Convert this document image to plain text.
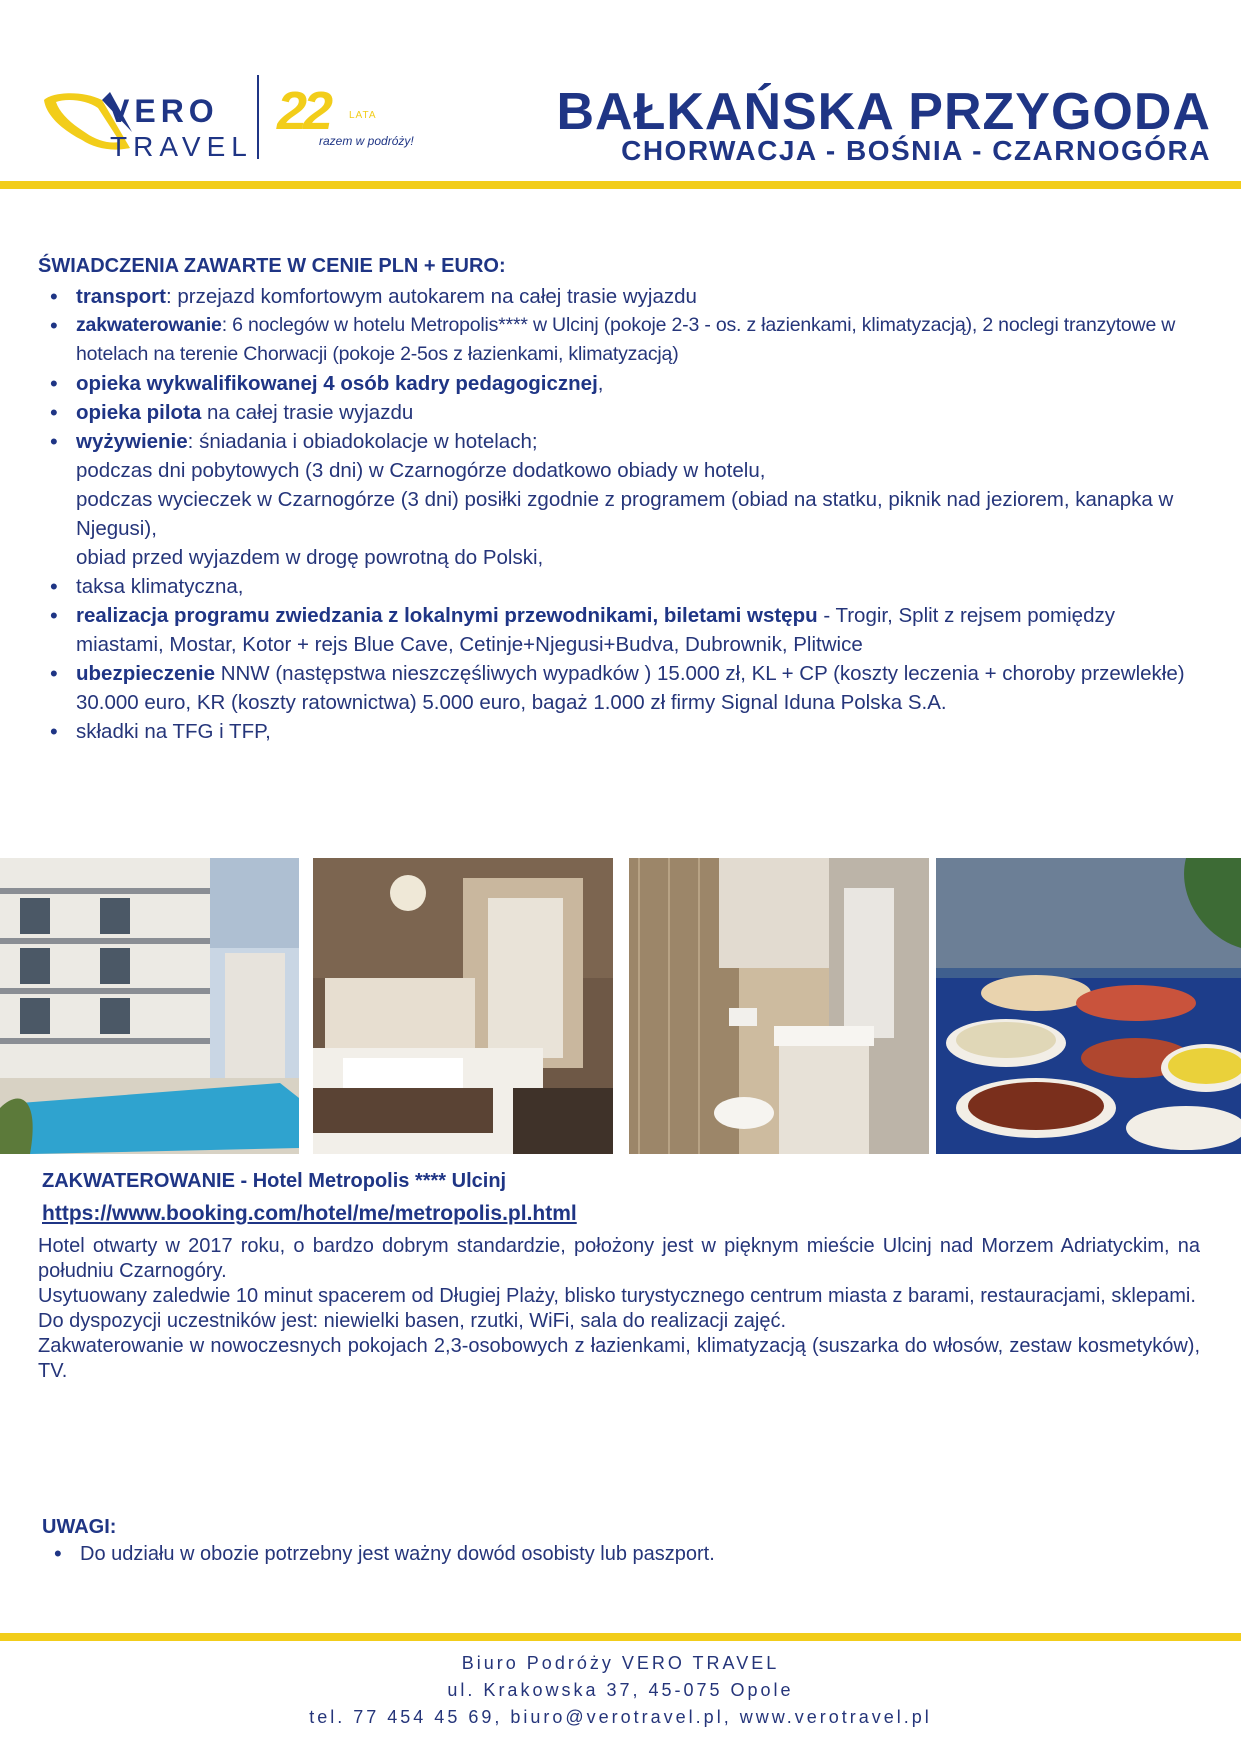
VERO
TRAVEL
22 LATA
razem w podróży!	BAŁKAŃSKA PRZYGODA
CHORWACJA - BOŚNIA - CZARNOGÓRA
ŚWIADCZENIA ZAWARTE W CENIE PLN + EURO:
• transport: przejazd komfortowym autokarem na całej trasie wyjazdu
• zakwaterowanie: 6 noclegów w hotelu Metropolis**** w Ulcinj (pokoje 2-3 - os. z łazienkami, klimatyzacją), 2 noclegi tranzytowe w hotelach na terenie Chorwacji (pokoje 2-5os z łazienkami, klimatyzacją)
• opieka wykwalifikowanej 4 osób kadry pedagogicznej,
• opieka pilota na całej trasie wyjazdu
• wyżywienie: śniadania i obiadokolacje w hotelach;
podczas dni pobytowych (3 dni) w Czarnogórze dodatkowo obiady w hotelu,
podczas wycieczek w Czarnogórze (3 dni) posiłki zgodnie z programem (obiad na statku, piknik nad jeziorem, kanapka w Njegusi),
obiad przed wyjazdem w drogę powrotną do Polski,
• taksa klimatyczna,
• realizacja programu zwiedzania z lokalnymi przewodnikami, biletami wstępu - Trogir, Split z rejsem pomiędzy miastami, Mostar, Kotor + rejs Blue Cave, Cetinje+Njegusi+Budva, Dubrownik, Plitwice
• ubezpieczenie NNW (następstwa nieszczęśliwych wypadków ) 15.000 zł, KL + CP (koszty leczenia + choroby przewlekłe) 30.000 euro, KR (koszty ratownictwa) 5.000 euro, bagaż 1.000 zł firmy Signal Iduna Polska S.A.
• składki na TFG i TFP,
ZAKWATEROWANIE - Hotel Metropolis **** Ulcinj
https://www.booking.com/hotel/me/metropolis.pl.html

Hotel otwarty w 2017 roku, o bardzo dobrym standardzie, położony jest w pięknym mieście Ulcinj nad Morzem Adriatyckim, na południu Czarnogóry.

Usytuowany zaledwie 10 minut spacerem od Długiej Plaży, blisko turystycznego centrum miasta z barami, restauracjami, sklepami.

Do dyspozycji uczestników jest: niewielki basen, rzutki, WiFi, sala do realizacji zajęć.

Zakwaterowanie w nowoczesnych pokojach 2,3-osobowych z łazienkami, klimatyzacją (suszarka do włosów, zestaw kosmetyków), TV.

UWAGI:
• Do udziału w obozie potrzebny jest ważny dowód osobisty lub paszport.
Biuro Podróży VERO TRAVEL
ul. Krakowska 37, 45-075 Opole
tel. 77 454 45 69, biuro@verotravel.pl, www.verotravel.pl
